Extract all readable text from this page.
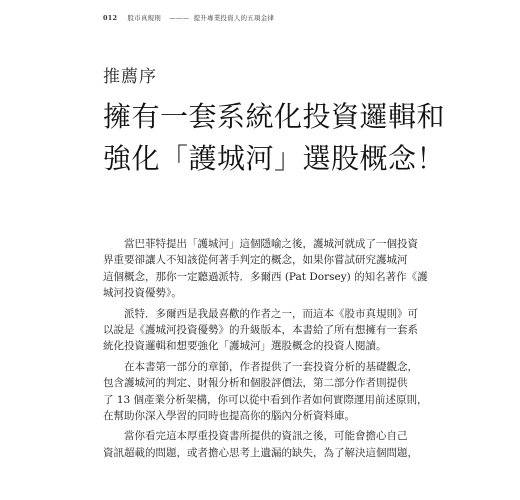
012 股市真規則 ——— 提升專業投資人的五項金律
推薦序
擁有一套系統化投資邏輯和
強化「護城河」選股概念！

當巴菲特提出「護城河」這個隱喻之後，護城河就成了一個投資
界重要卻讓人不知該從何著手判定的概念，如果你嘗試研究護城河
這個概念，那你一定聽過派特．多爾西 (Pat Dorsey) 的知名著作《護
城河投資優勢》。

派特．多爾西是我最喜歡的作者之一，而這本《股市真規則》可
以說是《護城河投資優勢》的升級版本，本書給了所有想擁有一套系
統化投資邏輯和想要強化「護城河」選股概念的投資人閱讀。

在本書第一部分的章節，作者提供了一套投資分析的基礎觀念，
包含護城河的判定、財報分析和個股評價法，第二部分作者則提供
了 13 個產業分析架構，你可以從中看到作者如何實際運用前述原則，
在幫助你深入學習的同時也提高你的腦內分析資料庫。

當你看完這本厚重投資書所提供的資訊之後，可能會擔心自己
資訊超載的問題，或者擔心思考上遺漏的缺失，為了解決這個問題，
